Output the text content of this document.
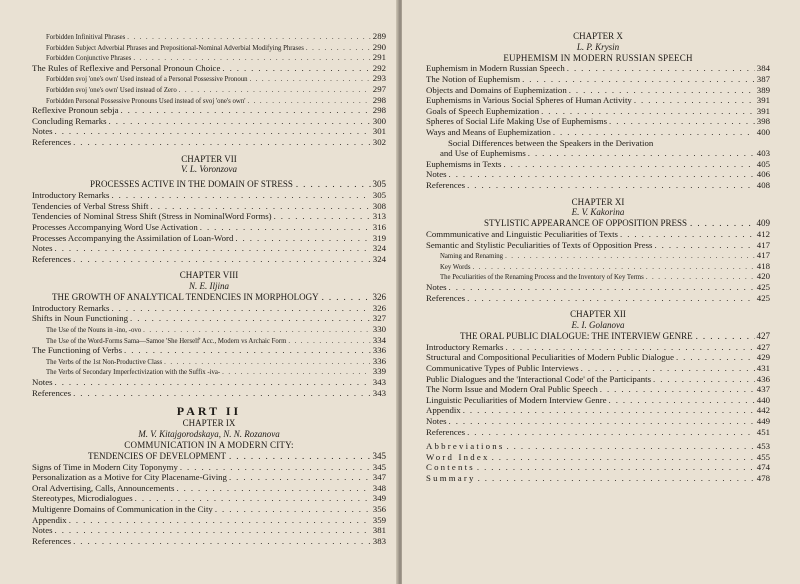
Forbidden Infinitival Phrases . . .	289
Forbidden Subject Adverbial Phrases and Prepositional-Nominal Adverbial Modifying Phrases . . .	290
Forbidden Conjunctive Phrases . . .	291
The Rules of Reflexive and Personal Pronoun Choice . . .	292
Forbidden svoj 'one's own' Used instead of a Personal Possessive Pronoun . . .	293
Forbidden svoj 'one's own' Used instead of Zero . . .	297
Forbidden Personal Possessive Pronouns Used instead of svoj 'one's own' . . .	298
Reflexive Pronoun sebja . . .	298
Concluding Remarks . . .	300
Notes . . .	301
References . . .	302
CHAPTER VII
V. L. Voronzova
PROCESSES ACTIVE IN THE DOMAIN OF STRESS . . .	305
Introductory Remarks . . .	305
Tendencies of Verbal Stress Shift . . .	308
Tendencies of Nominal Stress Shift (Stress in NominalWord Forms) . . .	313
Processes Accompanying Word Use Activation . . .	316
Processes Accompanying the Assimilation of Loan-Word . . .	319
Notes . . .	324
References . . .	324
CHAPTER VIII
N. E. Iljina
THE GROWTH OF ANALYTICAL TENDENCIES IN MORPHOLOGY . . .	326
Introductory Remarks . . .	326
Shifts in Noun Functioning . . .	327
The Use of the Nouns in -ino, -ovo . . .	330
The Use of the Word-Forms Sama—Samoe 'She Herself' Acc., Modern vs Archaic Form . . .	334
The Functioning of Verbs . . .	336
The Verbs of the 1st Non-Productive Class . . .	336
The Verbs of Secondary Imperfectivization with the Suffix -iva- . . .	339
Notes . . .	343
References . . .	343
PART II
CHAPTER IX
M. V. Kitajgorodskaya, N. N. Rozanova
COMMUNICATION IN A MODERN CITY:
TENDENCIES OF DEVELOPMENT . . .	345
Signs of Time in Modern City Toponymy . . .	345
Personalization as a Motive for City Placename-Giving . . .	347
Oral Advertising, Calls, Announcements . . .	348
Stereotypes, Microdialogues . . .	349
Multigenre Domains of Communication in the City . . .	356
Appendix . . .	359
Notes . . .	381
References . . .	383
CHAPTER X
L. P. Krysin
EUPHEMISM IN MODERN RUSSIAN SPEECH
Euphemism in Modern Russian Speech . . .	384
The Notion of Euphemism . . .	387
Objects and Domains of Euphemization . . .	389
Euphemisms in Various Social Spheres of Human Activity . . .	391
Goals of Speech Euphemization . . .	391
Spheres of Social Life Making Use of Euphemisms . . .	398
Ways and Means of Euphemization . . .	400
Social Differences between the Speakers in the Derivation
and Use of Euphemisms . . .	403
Euphemisms in Texts . . .	405
Notes . . .	406
References . . .	408
CHAPTER XI
E. V. Kakorina
STYLISTIC APPEARANCE OF OPPOSITION PRESS . . .	409
Commmunicative and Linguistic Peculiarities of Texts . . .	412
Semantic and Stylistic Peculiarities of Texts of Opposition Press . . .	417
Naming and Renaming . . .	417
Key Words . . .	418
The Peculiarities of the Renaming Process and the Inventory of Key Terms . . .	420
Notes . . .	425
References . . .	425
CHAPTER XII
E. I. Golanova
THE ORAL PUBLIC DIALOGUE: THE INTERVIEW GENRE . . .	427
Introductory Remarks . . .	427
Structural and Compositional Peculiarities of Modern Public Dialogue . . .	429
Communicative Types of Public Interviews . . .	431
Public Dialogues and the 'Interactional Code' of the Participants . . .	436
The Norm Issue and Modern Oral Public Speech . . .	437
Linguistic Peculiarities of Modern Interview Genre . . .	440
Appendix . . .	442
Notes . . .	449
References . . .	451
Abbreviations . . .	453
Word Index . . .	455
Contents . . .	474
Summary . . .	478
